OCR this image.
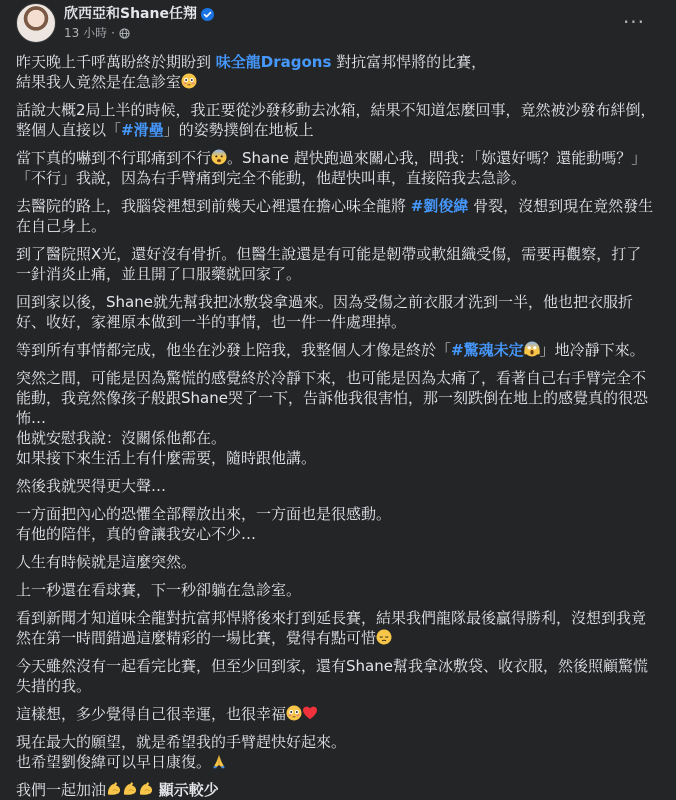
欣西亞和Shane任翔
13 小時 ·	···

昨天晚上千呼萬盼終於期盼到 味全龍Dragons 對抗富邦悍將的比賽，
結果我人竟然是在急診室

話說大概2局上半的時候，我正要從沙發移動去冰箱，結果不知道怎麼回事，竟然被沙發布絆倒，整個人直接以「#滑壘」的姿勢撲倒在地板上

當下真的嚇到不行耶痛到不行 。Shane 趕快跑過來關心我，問我：「妳還好嗎？還能動嗎？」
「不行」我說，因為右手臂痛到完全不能動，他趕快叫車，直接陪我去急診。

去醫院的路上，我腦袋裡想到前幾天心裡還在擔心味全龍將 #劉俊緯 骨裂，沒想到現在竟然發生在自己身上。

到了醫院照X光，還好沒有骨折。但醫生說還是有可能是韌帶或軟組織受傷，需要再觀察，打了一針消炎止痛，並且開了口服藥就回家了。

回到家以後，Shane就先幫我把冰敷袋拿過來。因為受傷之前衣服才洗到一半，他也把衣服折好、收好，家裡原本做到一半的事情，也一件一件處理掉。

等到所有事情都完成，他坐在沙發上陪我，我整個人才像是終於「#驚魂未定 」地冷靜下來。

突然之間，可能是因為驚慌的感覺終於冷靜下來，也可能是因為太痛了，看著自己右手臂完全不能動，我竟然像孩子般跟Shane哭了一下，告訴他我很害怕，那一刻跌倒在地上的感覺真的很恐怖…
他就安慰我說：沒關係他都在。
如果接下來生活上有什麼需要，隨時跟他講。

然後我就哭得更大聲…

一方面把內心的恐懼全部釋放出來，一方面也是很感動。
有他的陪伴，真的會讓我安心不少…

人生有時候就是這麼突然。

上一秒還在看球賽，下一秒卻躺在急診室。

看到新聞才知道味全龍對抗富邦悍將後來打到延長賽，結果我們龍隊最後贏得勝利，沒想到我竟然在第一時間錯過這麼精彩的一場比賽，覺得有點可惜

今天雖然沒有一起看完比賽，但至少回到家，還有Shane幫我拿冰敷袋、收衣服，然後照顧驚慌失措的我。

這樣想，多少覺得自己很幸運，也很幸福

現在最大的願望，就是希望我的手臂趕快好起來。
也希望劉俊緯可以早日康復。

我們一起加油	顯示較少
